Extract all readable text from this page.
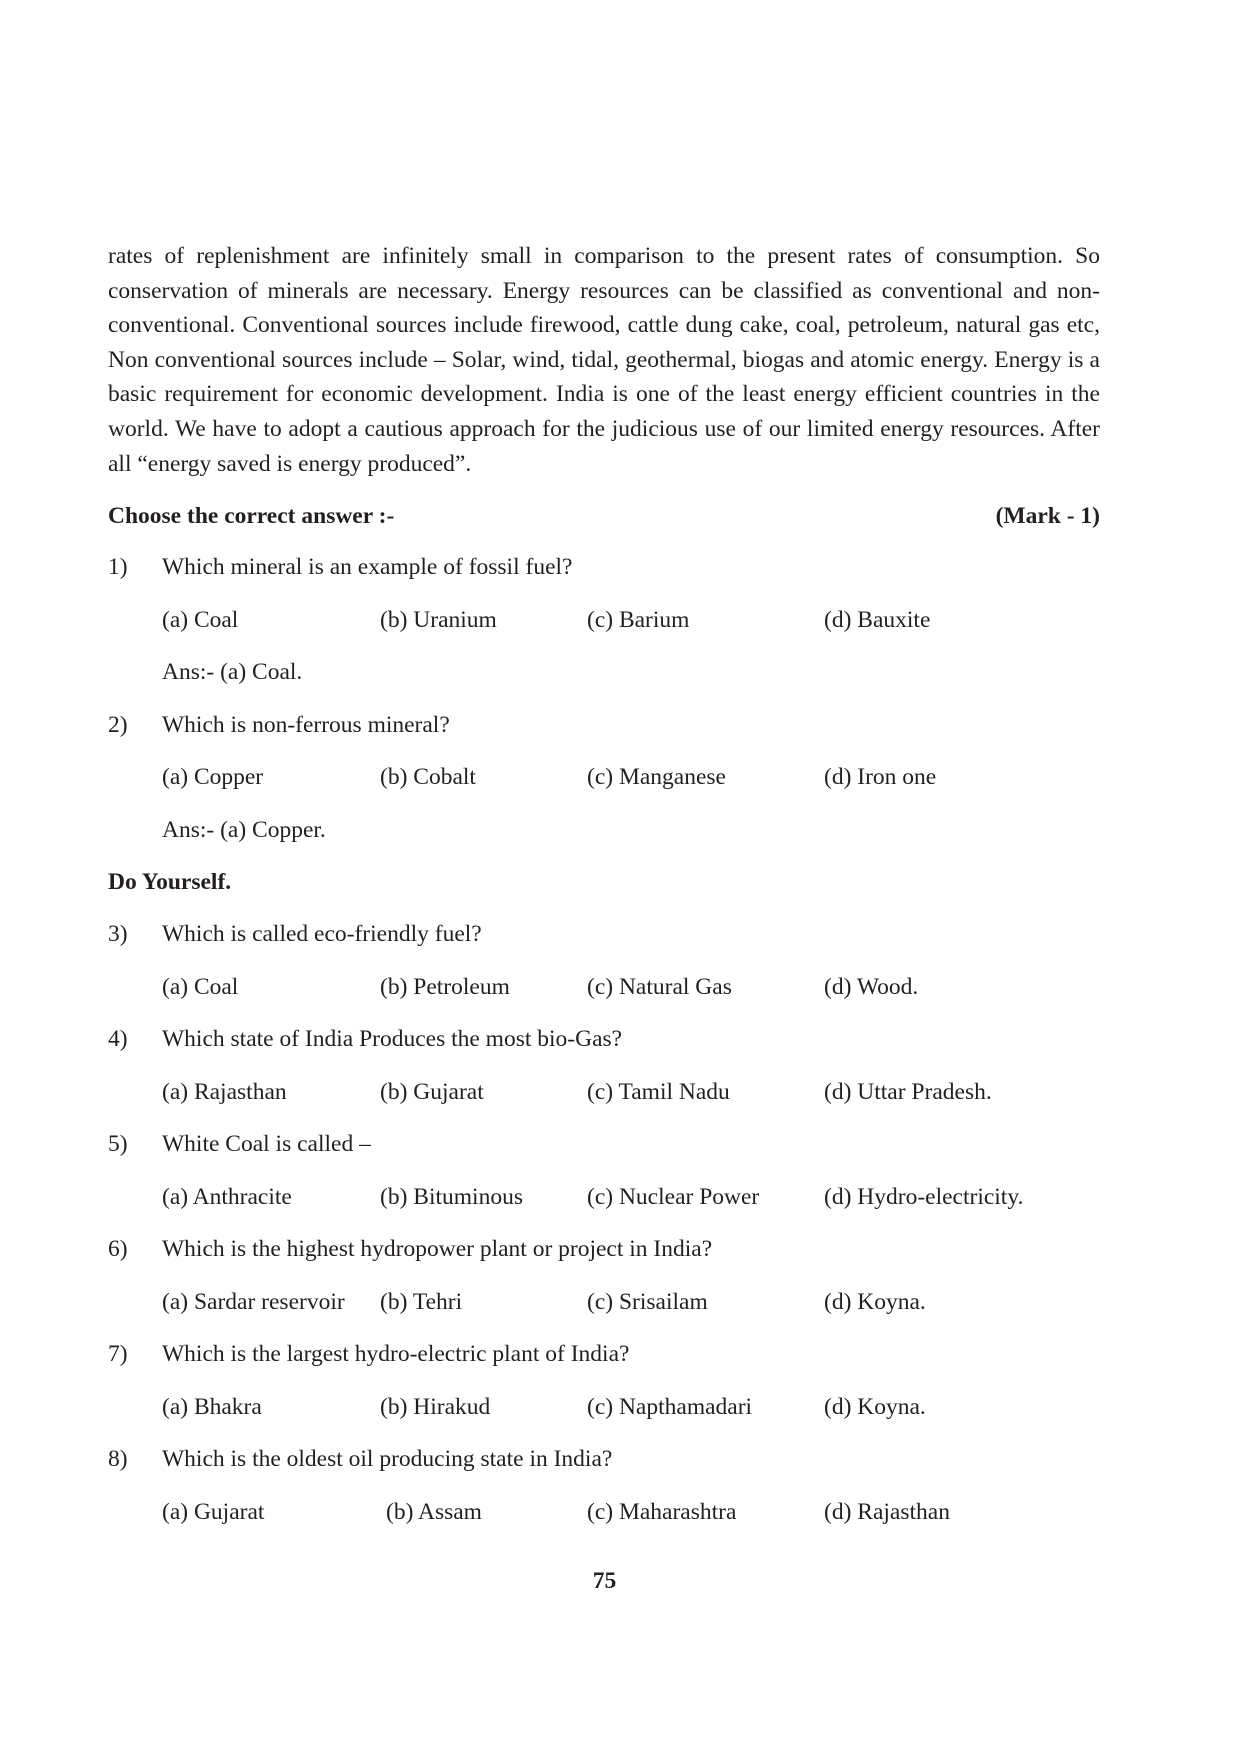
rates of replenishment are infinitely small in comparison to the present rates of consumption. So conservation of minerals are necessary. Energy resources can be classified as conventional and non-conventional. Conventional sources include firewood, cattle dung cake, coal, petroleum, natural gas etc, Non conventional sources include – Solar, wind, tidal, geothermal, biogas and atomic energy. Energy is a basic requirement for economic development. India is one of the least energy efficient countries in the world. We have to adopt a cautious approach for the judicious use of our limited energy resources. After all “energy saved is energy produced”.

Choose the correct answer :-	(Mark - 1)
1)	Which mineral is an example of fossil fuel?
(a) Coal	(b) Uranium	(c) Barium	(d) Bauxite
Ans:- (a) Coal.
2)	Which is non-ferrous mineral?
(a) Copper	(b) Cobalt	(c) Manganese	(d) Iron one
Ans:- (a) Copper.
Do Yourself.
3)	Which is called eco-friendly fuel?
(a) Coal	(b) Petroleum	(c) Natural Gas	(d) Wood.
4)	Which state of India Produces the most bio-Gas?
(a) Rajasthan	(b) Gujarat	(c) Tamil Nadu	(d) Uttar Pradesh.
5)	White Coal is called –
(a) Anthracite	(b) Bituminous	(c) Nuclear Power	(d) Hydro-electricity.
6)	Which is the highest hydropower plant or project in India?
(a) Sardar reservoir (b) Tehri	(c) Srisailam	(d) Koyna.
7)	Which is the largest hydro-electric plant of India?
(a) Bhakra	(b) Hirakud	(c) Napthamadari	(d) Koyna.
8)	Which is the oldest oil producing state in India?
(a) Gujarat	(b) Assam	(c) Maharashtra	(d) Rajasthan
75
